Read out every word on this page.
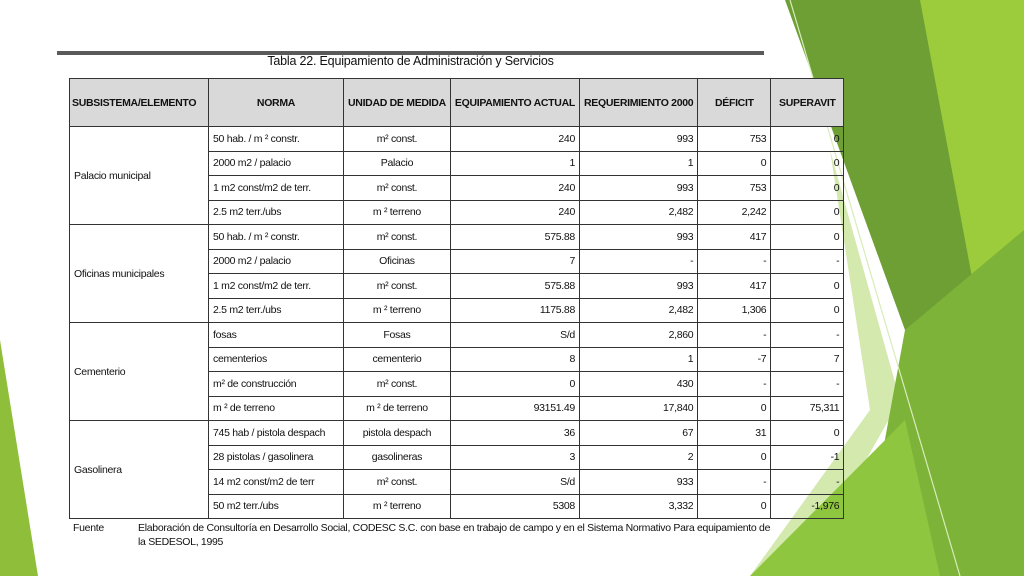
Tabla 22. Equipamiento de Administración y Servicios
SUBSISTEMA/ELEMENTO	NORMA	UNIDAD DE MEDIDA	EQUIPAMIENTO ACTUAL	REQUERIMIENTO 2000	DÉFICIT	SUPERAVIT
Palacio municipal	50 hab. / m ² constr.	m² const.	240	993	753	0
	2000 m2 / palacio	Palacio	1	1	0	0
	1 m2 const/m2 de terr.	m² const.	240	993	753	0
	2.5 m2 terr./ubs	m ² terreno	240	2,482	2,242	0
Oficinas municipales	50 hab. / m ² constr.	m² const.	575.88	993	417	0
	2000 m2 / palacio	Oficinas	7	-	-	-
	1 m2 const/m2 de terr.	m² const.	575.88	993	417	0
	2.5 m2 terr./ubs	m ² terreno	1175.88	2,482	1,306	0
Cementerio	fosas	Fosas	S/d	2,860	-	-
	cementerios	cementerio	8	1	-7	7
	m² de construcción	m² const.	0	430	-	-
	m ² de terreno	m ² de terreno	93151.49	17,840	0	75,311
Gasolinera	745 hab / pistola despach	pistola despach	36	67	31	0
	28 pistolas / gasolinera	gasolineras	3	2	0	-1
	14 m2 const/m2 de terr	m² const.	S/d	933	-	-
	50 m2 terr./ubs	m ² terreno	5308	3,332	0	-1,976
Fuente	Elaboración de Consultoría en Desarrollo Social, CODESC S.C. con base en trabajo de campo y en el Sistema Normativo Para equipamiento de la SEDESOL, 1995
